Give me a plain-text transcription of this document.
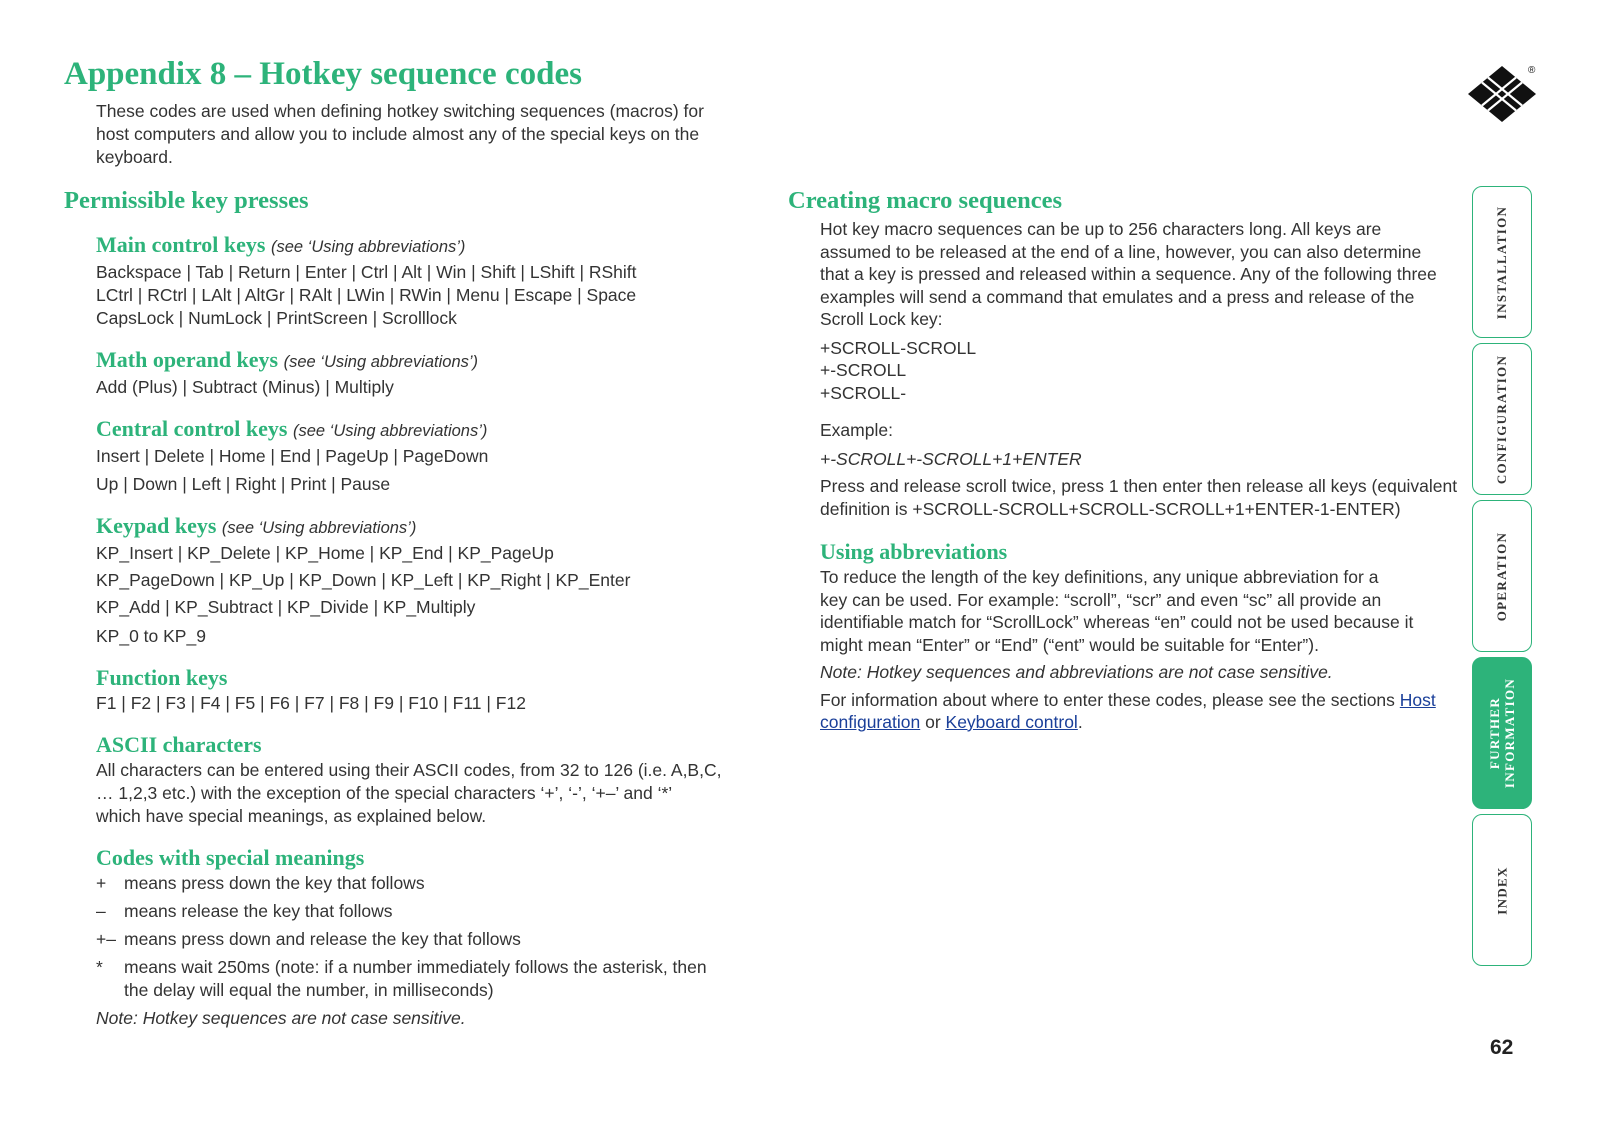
Appendix 8 – Hotkey sequence codes
These codes are used when defining hotkey switching sequences (macros) for
host computers and allow you to include almost any of the special keys on the
keyboard.
®
Permissible key presses
Main control keys (see ‘Using abbreviations’)
Backspace | Tab | Return | Enter | Ctrl | Alt | Win | Shift | LShift | RShift
LCtrl | RCtrl | LAlt | AltGr | RAlt | LWin | RWin | Menu | Escape | Space
CapsLock | NumLock | PrintScreen | Scrolllock
Math operand keys (see ‘Using abbreviations’)
Add (Plus) | Subtract (Minus) | Multiply
Central control keys (see ‘Using abbreviations’)
Insert | Delete | Home | End | PageUp | PageDown
Up | Down | Left | Right | Print | Pause
Keypad keys (see ‘Using abbreviations’)
KP_Insert | KP_Delete | KP_Home | KP_End | KP_PageUp
KP_PageDown | KP_Up | KP_Down | KP_Left | KP_Right | KP_Enter
KP_Add | KP_Subtract | KP_Divide | KP_Multiply
KP_0 to KP_9
Function keys
F1 | F2 | F3 | F4 | F5 | F6 | F7 | F8 | F9 | F10 | F11 | F12
ASCII characters
All characters can be entered using their ASCII codes, from 32 to 126 (i.e. A,B,C,
… 1,2,3 etc.) with the exception of the special characters ‘+’, ‘-’, ‘+–’ and ‘*’
which have special meanings, as explained below.
Codes with special meanings
+	means press down the key that follows
–	means release the key that follows
+– means press down and release the key that follows
*	means wait 250ms (note: if a number immediately follows the asterisk, then
the delay will equal the number, in milliseconds)
Note: Hotkey sequences are not case sensitive.
Creating macro sequences
Hot key macro sequences can be up to 256 characters long. All keys are
assumed to be released at the end of a line, however, you can also determine
that a key is pressed and released within a sequence. Any of the following three
examples will send a command that emulates and a press and release of the
Scroll Lock key:
+SCROLL-SCROLL
+-SCROLL
+SCROLL-
Example:
+-SCROLL+-SCROLL+1+ENTER
Press and release scroll twice, press 1 then enter then release all keys (equivalent
definition is +SCROLL-SCROLL+SCROLL-SCROLL+1+ENTER-1-ENTER)
Using abbreviations
To reduce the length of the key definitions, any unique abbreviation for a
key can be used. For example: “scroll”, “scr” and even “sc” all provide an
identifiable match for “ScrollLock” whereas “en” could not be used because it
might mean “Enter” or “End” (“ent” would be suitable for “Enter”).
Note: Hotkey sequences and abbreviations are not case sensitive.
For information about where to enter these codes, please see the sections Host
configuration or Keyboard control.
INSTALLATION
CONFIGURATION
OPERATION
FURTHER INFORMATION
INDEX
62
